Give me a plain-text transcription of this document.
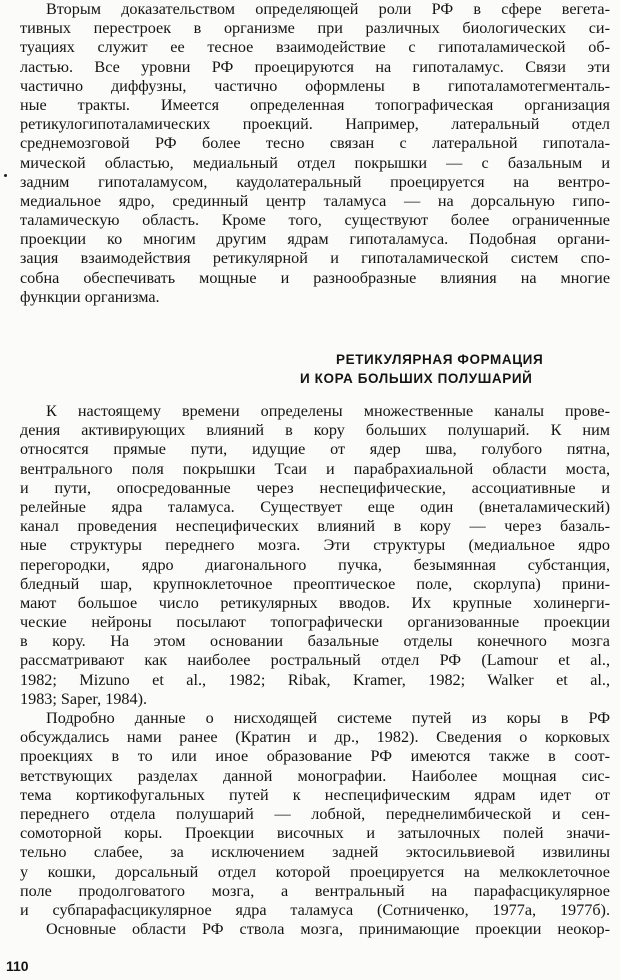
Вторым доказательством определяющей роли РФ в сфере вегета-
тивных перестроек в организме при различных биологических си-
туациях служит ее тесное взаимодействие с гипоталамической об-
ластью. Все уровни РФ проецируются на гипоталамус. Связи эти
частично диффузны, частично оформлены в гипоталамотегменталь-
ные тракты. Имеется определенная топографическая организация
ретикулогипоталамических проекций. Например, латеральный отдел
среднемозговой РФ более тесно связан с латеральной гипотала-
мической областью, медиальный отдел покрышки — с базальным и
задним гипоталамусом, каудолатеральный проецируется на вентро-
медиальное ядро, срединный центр таламуса — на дорсальную гипо-
таламическую область. Кроме того, существуют более ограниченные
проекции ко многим другим ядрам гипоталамуса. Подобная органи-
зация взаимодействия ретикулярной и гипоталамической систем спо-
собна обеспечивать мощные и разнообразные влияния на многие
функции организма.
РЕТИКУЛЯРНАЯ ФОРМАЦИЯ
И КОРА БОЛЬШИХ ПОЛУШАРИЙ
К настоящему времени определены множественные каналы прове-
дения активирующих влияний в кору больших полушарий. К ним
относятся прямые пути, идущие от ядер шва, голубого пятна,
вентрального поля покрышки Тсаи и парабрахиальной области моста,
и пути, опосредованные через неспецифические, ассоциативные и
релейные ядра таламуса. Существует еще один (внеталамический)
канал проведения неспецифических влияний в кору — через базаль-
ные структуры переднего мозга. Эти структуры (медиальное ядро
перегородки, ядро диагонального пучка, безымянная субстанция,
бледный шар, крупноклеточное преоптическое поле, скорлупа) прини-
мают большое число ретикулярных вводов. Их крупные холинерги-
ческие нейроны посылают топографически организованные проекции
в кору. На этом основании базальные отделы конечного мозга
рассматривают как наиболее ростральный отдел РФ (Lamour et al.,
1982; Mizuno et al., 1982; Ribak, Kramer, 1982; Walker et al.,
1983; Saper, 1984).
Подробно данные о нисходящей системе путей из коры в РФ
обсуждались нами ранее (Кратин и др., 1982). Сведения о корковых
проекциях в то или иное образование РФ имеются также в соот-
ветствующих разделах данной монографии. Наиболее мощная сис-
тема кортикофугальных путей к неспецифическим ядрам идет от
переднего отдела полушарий — лобной, переднелимбической и сен-
сомоторной коры. Проекции височных и затылочных полей значи-
тельно слабее, за исключением задней эктосильвиевой извилины
у кошки, дорсальный отдел которой проецируется на мелкоклеточное
поле продолговатого мозга, а вентральный на парафасцикулярное
и субпарафасцикулярное ядра таламуса (Сотниченко, 1977а, 1977б).
Основные области РФ ствола мозга, принимающие проекции неокор-
110
